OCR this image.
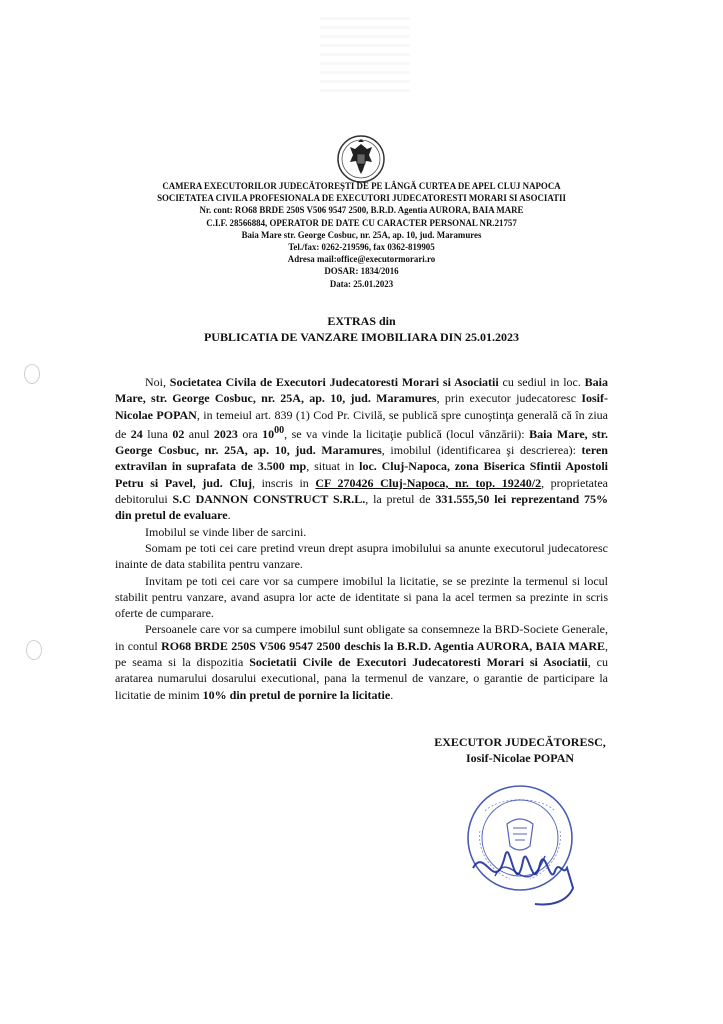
CAMERA EXECUTORILOR JUDECĂTOREȘTI DE PE LÂNGĂ CURTEA DE APEL CLUJ NAPOCA
SOCIETATEA CIVILA PROFESIONALA DE EXECUTORI JUDECATORESTI MORARI SI ASOCIATII
Nr. cont: RO68 BRDE 250S V506 9547 2500, B.R.D. Agentia AURORA, BAIA MARE
C.I.F. 28566884, OPERATOR DE DATE CU CARACTER PERSONAL NR.21757
Baia Mare str. George Cosbuc, nr. 25A, ap. 10, jud. Maramures
Tel./fax: 0262-219596, fax 0362-819905
Adresa mail:office@executormorari.ro
DOSAR: 1834/2016
Data: 25.01.2023
EXTRAS din
PUBLICATIA DE VANZARE IMOBILIARA DIN 25.01.2023

Noi, Societatea Civila de Executori Judecatoresti Morari si Asociatii cu sediul in loc. Baia Mare, str. George Cosbuc, nr. 25A, ap. 10, jud. Maramures, prin executor judecatoresc Iosif-Nicolae POPAN, in temeiul art. 839 (1) Cod Pr. Civilă, se publică spre cunoştinţa generală că în ziua de 24 luna 02 anul 2023 ora $10^{00}$, se va vinde la licitaţie publică (locul vânzării): Baia Mare, str. George Cosbuc, nr. 25A, ap. 10, jud. Maramures, imobilul (identificarea şi descrierea): teren extravilan in suprafata de 3.500 mp, situat in loc. Cluj-Napoca, zona Biserica Sfintii Apostoli Petru si Pavel, jud. Cluj, inscris in CF 270426 Cluj-Napoca, nr. top. 19240/2, proprietatea debitorului S.C DANNON CONSTRUCT S.R.L., la pretul de 331.555,50 lei reprezentand 75% din pretul de evaluare.

Imobilul se vinde liber de sarcini.

Somam pe toti cei care pretind vreun drept asupra imobilului sa anunte executorul judecatoresc inainte de data stabilita pentru vanzare.

Invitam pe toti cei care vor sa cumpere imobilul la licitatie, se se prezinte la termenul si locul stabilit pentru vanzare, avand asupra lor acte de identitate si pana la acel termen sa prezinte in scris oferte de cumparare.

Persoanele care vor sa cumpere imobilul sunt obligate sa consemneze la BRD-Societe Generale, in contul RO68 BRDE 250S V506 9547 2500 deschis la B.R.D. Agentia AURORA, BAIA MARE, pe seama si la dispozitia Societatii Civile de Executori Judecatoresti Morari si Asociatii, cu aratarea numarului dosarului executional, pana la termenul de vanzare, o garantie de participare la licitatie de minim 10% din pretul de pornire la licitatie.

EXECUTOR JUDECĂTORESC,
Iosif-Nicolae POPAN
